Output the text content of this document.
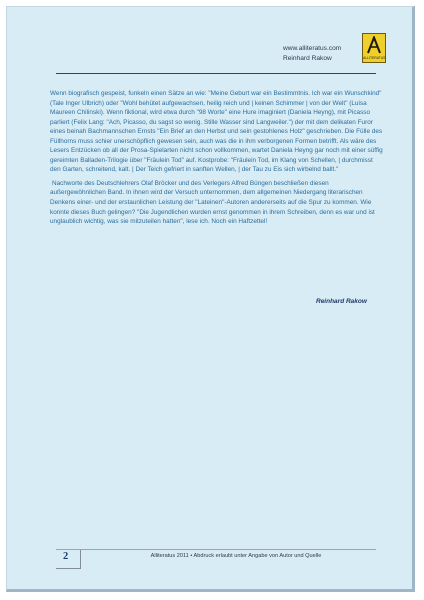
www.alliteratus.com
Reinhard Rakow	ALLITERATUS

Wenn biografisch gespeist, funkeln einen Sätze an wie: "Meine Geburt war ein Bestimmtnis. Ich war ein Wunschkind" (Tale Inger Ulbrich) oder "Wohl behütet aufgewachsen, heilig reich und | keinen Schimmer | von der Welt" (Luisa Maureen Chilinski). Wenn fiktional, wird etwa durch "98 Worte" eine Hure imaginiert (Daniela Heyng), mit Picasso parliert (Felix Lang: "Ach, Picasso, du sagst so wenig. Stille Wasser sind Langweiler.") der mit dem delikaten Furor eines beinah Bachmannschen Ernsts "Ein Brief an den Herbst und sein gestohlenes Holz" geschrieben. Die Fülle des Füllhorns muss schier unerschöpflich gewesen sein, auch was die in ihm verborgenen Formen betrifft. Als wäre des Lesers Entzücken ob all der Prosa-Spielarten nicht schon vollkommen, wartet Daniela Heyng gar noch mit einer süffig gereimten Balladen-Trilogie über "Fräulein Tod" auf. Kostprobe: "Fräulein Tod, im Klang von Schellen, | durchmisst den Garten, schreitend, kalt. | Der Teich gefriert in sanften Wellen, | der Tau zu Eis sich wirbelnd ballt."

Nachworte des Deutschlehrers Olaf Bröcker und des Verlegers Alfred Büngen beschließen diesen außergewöhnlichen Band. In ihnen wird der Versuch unternommen, dem allgemeinen Niedergang literarischen Denkens einer- und der erstaunlichen Leistung der "Lateinen"-Autoren andererseits auf die Spur zu kommen. Wie konnte dieses Buch gelingen? "Die Jugendlichen wurden ernst genommen in ihrem Schreiben, denn es war und ist unglaublich wichtig, was sie mitzuteilen hatten", lese ich. Noch ein Haftzettel!

Reinhard Rakow
2	Alliteratus 2011 • Abdruck erlaubt unter Angabe von Autor und Quelle
